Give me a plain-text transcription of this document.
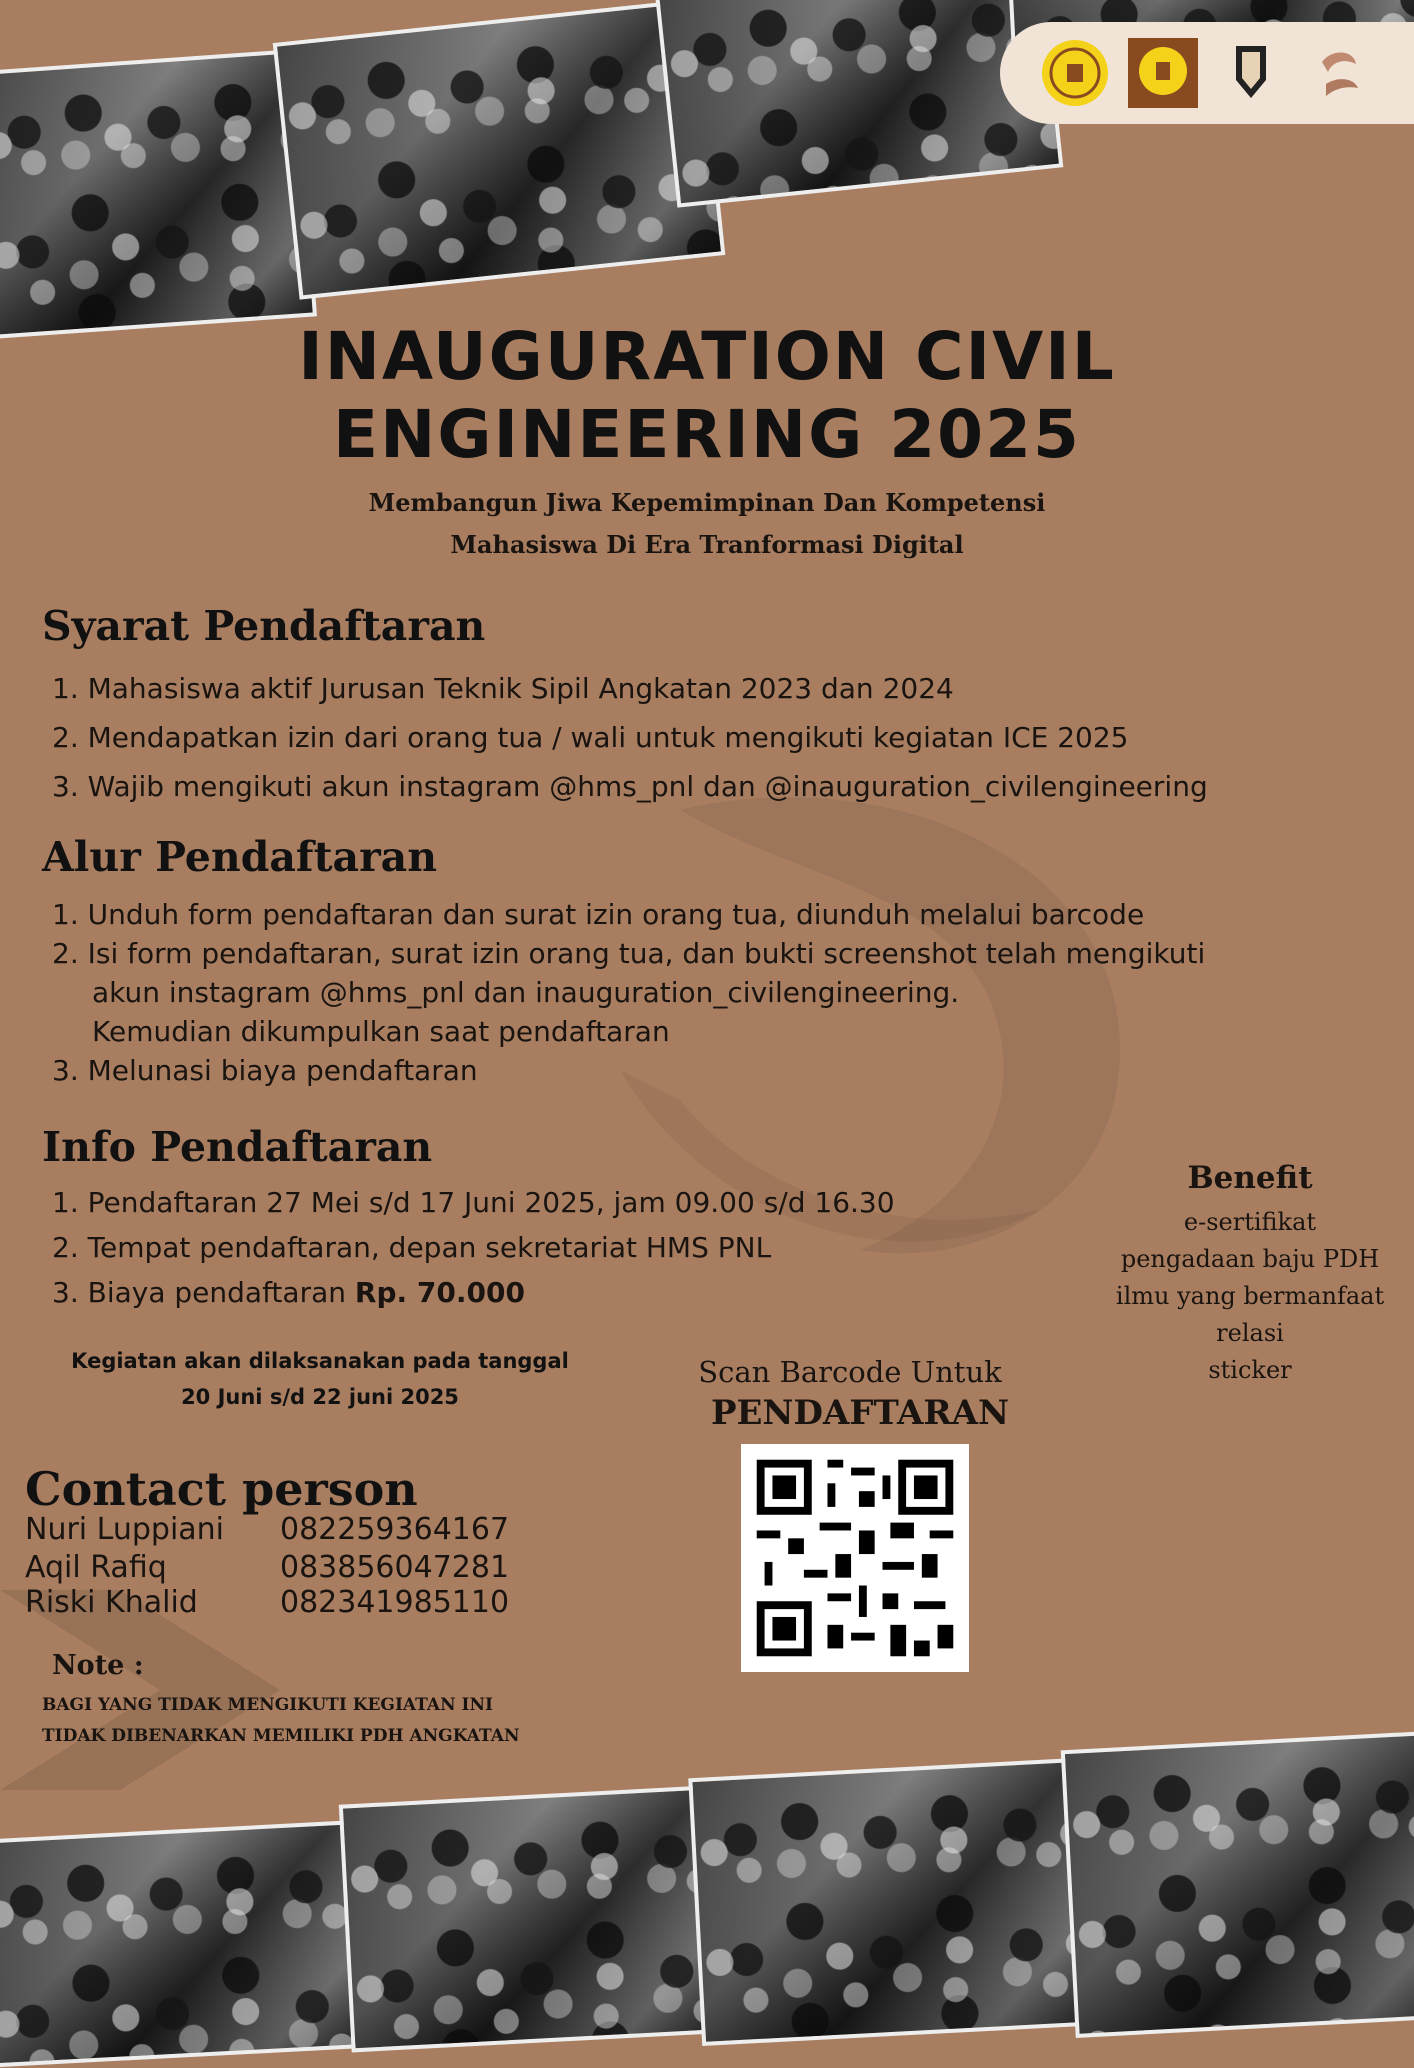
INAUGURATION CIVIL
ENGINEERING 2025
Membangun Jiwa Kepemimpinan Dan Kompetensi
Mahasiswa Di Era Tranformasi Digital
Syarat Pendaftaran
1. Mahasiswa aktif Jurusan Teknik Sipil Angkatan 2023 dan 2024
2. Mendapatkan izin dari orang tua / wali untuk mengikuti kegiatan ICE 2025
3. Wajib mengikuti akun instagram @hms_pnl dan @inauguration_civilengineering
Alur Pendaftaran
1. Unduh form pendaftaran dan surat izin orang tua, diunduh melalui barcode
2. Isi form pendaftaran, surat izin orang tua, dan bukti screenshot telah mengikuti
akun instagram @hms_pnl dan inauguration_civilengineering.
Kemudian dikumpulkan saat pendaftaran
3. Melunasi biaya pendaftaran
Info Pendaftaran
1. Pendaftaran 27 Mei s/d 17 Juni 2025, jam 09.00 s/d 16.30
2. Tempat pendaftaran, depan sekretariat HMS PNL
3. Biaya pendaftaran Rp. 70.000
Kegiatan akan dilaksanakan pada tanggal
20 Juni s/d 22 juni 2025
Contact person
Nuri Luppiani	082259364167
Aqil Rafiq	083856047281
Riski Khalid	082341985110
Note :
BAGI YANG TIDAK MENGIKUTI KEGIATAN INI TIDAK DIBENARKAN MEMILIKI PDH ANGKATAN
Benefit
e-sertifikat
pengadaan baju PDH
ilmu yang bermanfaat
relasi
sticker
Scan Barcode Untuk
PENDAFTARAN
